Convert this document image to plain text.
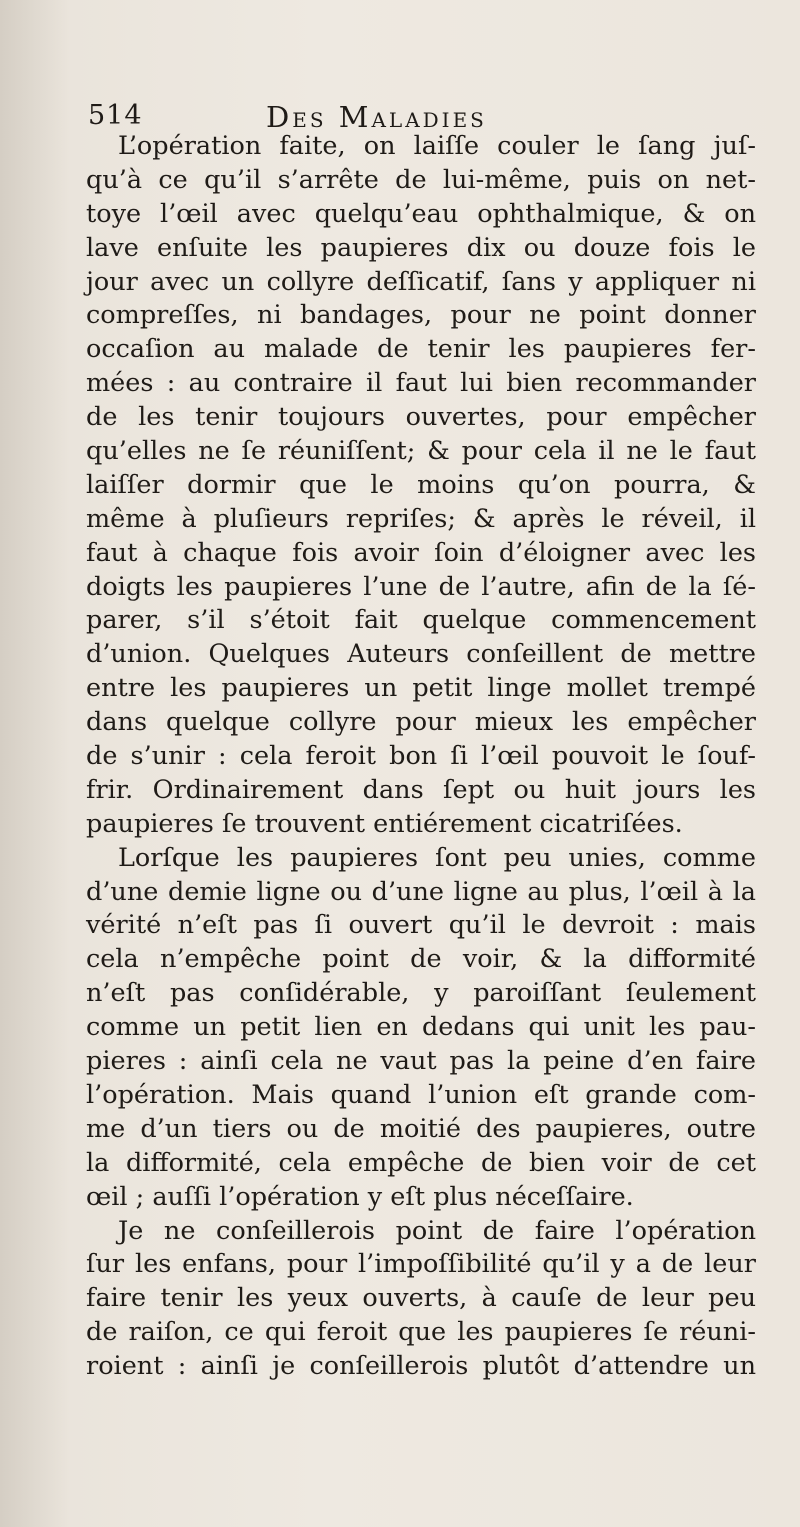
514	Des Maladies
L’opération faite, on laiſſe couler le ſang juſ-
qu’à ce qu’il s’arrête de lui-même, puis on net-
toye l’œil avec quelqu’eau ophthalmique, & on
lave enſuite les paupieres dix ou douze fois le
jour avec un collyre deſſicatif, ſans y appliquer ni
compreſſes, ni bandages, pour ne point donner
occaſion au malade de tenir les paupieres fer-
mées : au contraire il faut lui bien recommander
de les tenir toujours ouvertes, pour empêcher
qu’elles ne ſe réuniſſent; & pour cela il ne le faut
laiſſer dormir que le moins qu’on pourra, &
même à pluſieurs repriſes; & après le réveil, il
faut à chaque fois avoir ſoin d’éloigner avec les
doigts les paupieres l’une de l’autre, afin de la ſé-
parer, s’il s’étoit fait quelque commencement
d’union. Quelques Auteurs conſeillent de mettre
entre les paupieres un petit linge mollet trempé
dans quelque collyre pour mieux les empêcher
de s’unir : cela feroit bon ſi l’œil pouvoit le ſouf-
frir. Ordinairement dans ſept ou huit jours les
paupieres ſe trouvent entiérement cicatriſées.
Lorſque les paupieres ſont peu unies, comme
d’une demie ligne ou d’une ligne au plus, l’œil à la
vérité n’eſt pas ſi ouvert qu’il le devroit : mais
cela n’empêche point de voir, & la difformité
n’eſt pas conſidérable, y paroiſſant ſeulement
comme un petit lien en dedans qui unit les pau-
pieres : ainſi cela ne vaut pas la peine d’en faire
l’opération. Mais quand l’union eſt grande com-
me d’un tiers ou de moitié des paupieres, outre
la difformité, cela empêche de bien voir de cet
œil ; auſſi l’opération y eſt plus néceſſaire.
Je ne conſeillerois point de faire l’opération
ſur les enfans, pour l’impoſſibilité qu’il y a de leur
faire tenir les yeux ouverts, à cauſe de leur peu
de raiſon, ce qui feroit que les paupieres ſe réuni-
roient : ainſi je conſeillerois plutôt d’attendre un
